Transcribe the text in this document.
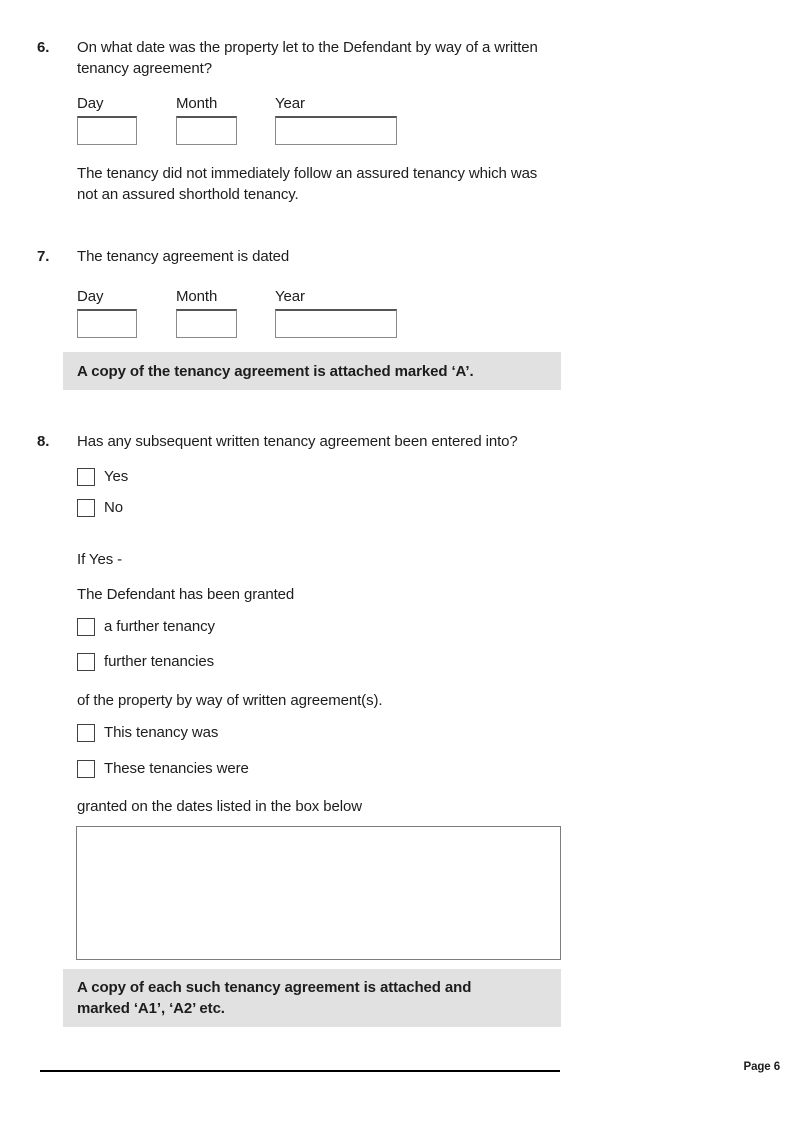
6. On what date was the property let to the Defendant by way of a written tenancy agreement?
Day	Month	Year
The tenancy did not immediately follow an assured tenancy which was not an assured shorthold tenancy.
7. The tenancy agreement is dated
Day	Month	Year
A copy of the tenancy agreement is attached marked ‘A’.
8. Has any subsequent written tenancy agreement been entered into?
Yes
No
If Yes -
The Defendant has been granted
a further tenancy
further tenancies
of the property by way of written agreement(s).
This tenancy was
These tenancies were
granted on the dates listed in the box below
A copy of each such tenancy agreement is attached and marked ‘A1’, ‘A2’ etc.
Page 6
